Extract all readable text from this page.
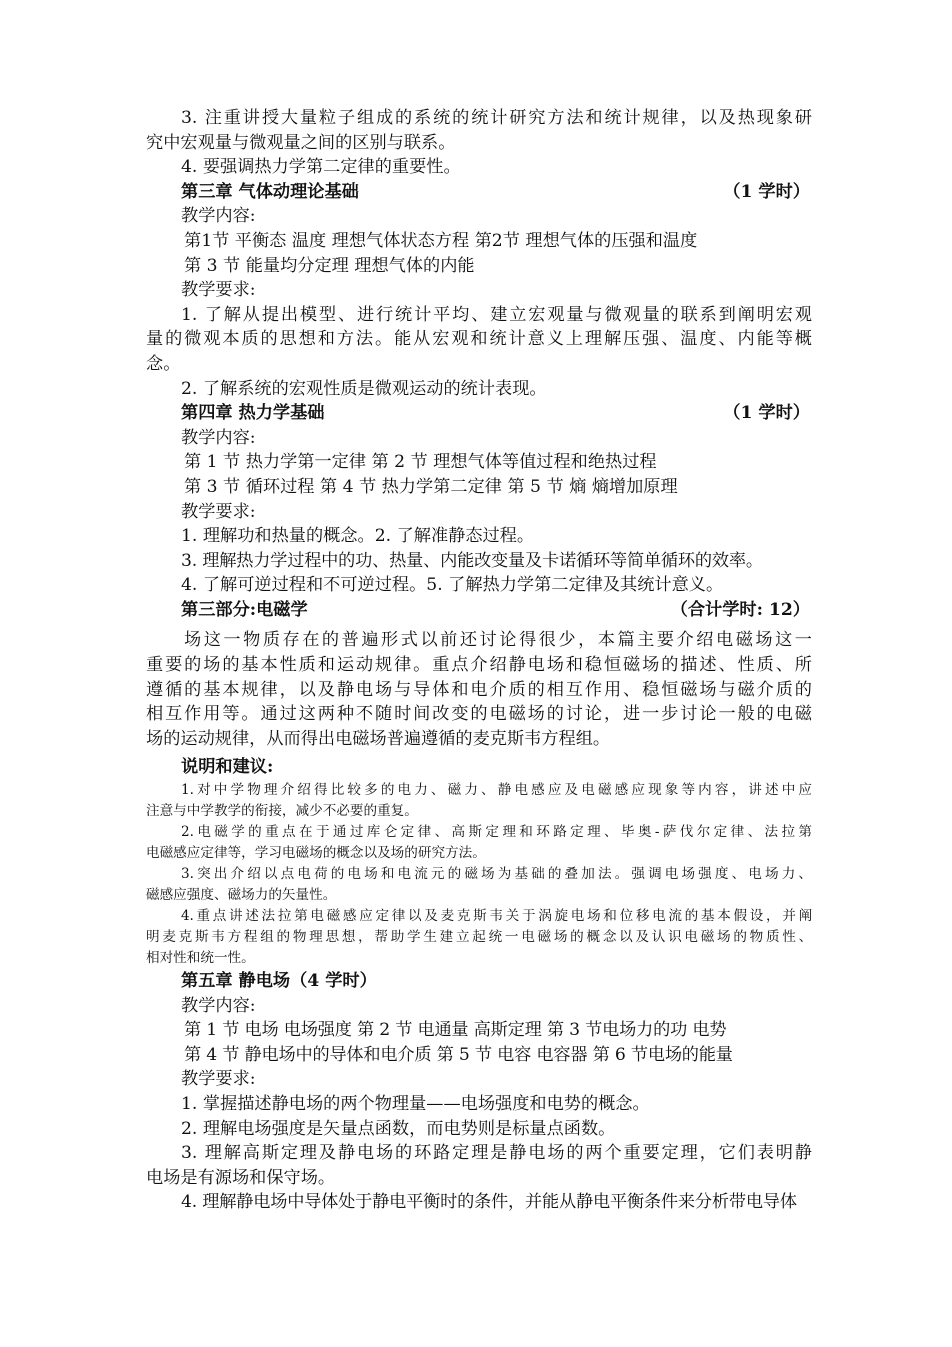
3. 注重讲授大量粒子组成的系统的统计研究方法和统计规律，以及热现象研
究中宏观量与微观量之间的区别与联系。
4. 要强调热力学第二定律的重要性。
第三章 气体动理论基础	（1 学时）
教学内容:
第1节 平衡态 温度 理想气体状态方程 第2节 理想气体的压强和温度
第 3 节 能量均分定理 理想气体的内能
教学要求:
1. 了解从提出模型、进行统计平均、建立宏观量与微观量的联系到阐明宏观
量的微观本质的思想和方法。能从宏观和统计意义上理解压强、温度、内能等概
念。
2. 了解系统的宏观性质是微观运动的统计表现。
第四章 热力学基础	（1 学时）
教学内容:
第 1 节 热力学第一定律 第 2 节 理想气体等值过程和绝热过程
第 3 节 循环过程 第 4 节 热力学第二定律 第 5 节 熵 熵增加原理
教学要求:
1. 理解功和热量的概念。2. 了解准静态过程。
3. 理解热力学过程中的功、热量、内能改变量及卡诺循环等简单循环的效率。
4. 了解可逆过程和不可逆过程。5. 了解热力学第二定律及其统计意义。
第三部分:电磁学	（合计学时: 12）
场这一物质存在的普遍形式以前还讨论得很少，本篇主要介绍电磁场这一
重要的场的基本性质和运动规律。重点介绍静电场和稳恒磁场的描述、性质、所
遵循的基本规律，以及静电场与导体和电介质的相互作用、稳恒磁场与磁介质的
相互作用等。通过这两种不随时间改变的电磁场的讨论，进一步讨论一般的电磁
场的运动规律，从而得出电磁场普遍遵循的麦克斯韦方程组。
说明和建议:
1.对中学物理介绍得比较多的电力、磁力、静电感应及电磁感应现象等内容，讲述中应
注意与中学教学的衔接，减少不必要的重复。
2.电磁学的重点在于通过库仑定律、高斯定理和环路定理、毕奥-萨伐尔定律、法拉第
电磁感应定律等，学习电磁场的概念以及场的研究方法。
3.突出介绍以点电荷的电场和电流元的磁场为基础的叠加法。强调电场强度、电场力、
磁感应强度、磁场力的矢量性。
4.重点讲述法拉第电磁感应定律以及麦克斯韦关于涡旋电场和位移电流的基本假设，并阐
明麦克斯韦方程组的物理思想，帮助学生建立起统一电磁场的概念以及认识电磁场的物质性、
相对性和统一性。
第五章 静电场（4 学时）
教学内容:
第 1 节 电场 电场强度 第 2 节 电通量 高斯定理 第 3 节电场力的功 电势
第 4 节 静电场中的导体和电介质 第 5 节 电容 电容器 第 6 节电场的能量
教学要求:
1. 掌握描述静电场的两个物理量——电场强度和电势的概念。
2. 理解电场强度是矢量点函数，而电势则是标量点函数。
3. 理解高斯定理及静电场的环路定理是静电场的两个重要定理，它们表明静
电场是有源场和保守场。
4. 理解静电场中导体处于静电平衡时的条件，并能从静电平衡条件来分析带电导体
